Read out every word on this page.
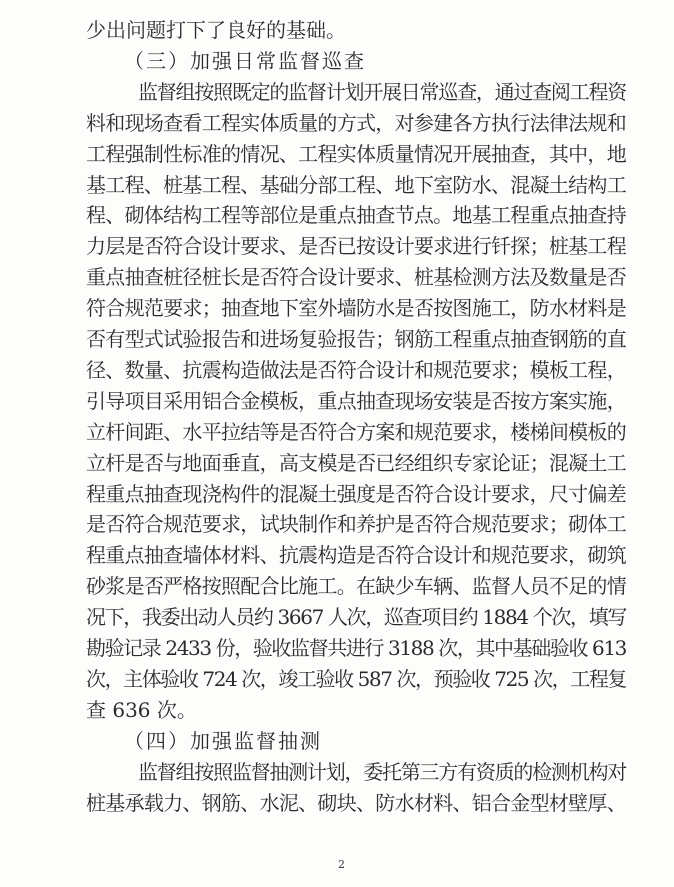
少出问题打下了良好的基础。
（三）加强日常监督巡查
监督组按照既定的监督计划开展日常巡查，通过查阅工程资
料和现场查看工程实体质量的方式，对参建各方执行法律法规和
工程强制性标准的情况、工程实体质量情况开展抽查，其中，地
基工程、桩基工程、基础分部工程、地下室防水、混凝土结构工
程、砌体结构工程等部位是重点抽查节点。地基工程重点抽查持
力层是否符合设计要求、是否已按设计要求进行钎探；桩基工程
重点抽查桩径桩长是否符合设计要求、桩基检测方法及数量是否
符合规范要求；抽查地下室外墙防水是否按图施工，防水材料是
否有型式试验报告和进场复验报告；钢筋工程重点抽查钢筋的直
径、数量、抗震构造做法是否符合设计和规范要求；模板工程，
引导项目采用铝合金模板，重点抽查现场安装是否按方案实施，
立杆间距、水平拉结等是否符合方案和规范要求，楼梯间模板的
立杆是否与地面垂直，高支模是否已经组织专家论证；混凝土工
程重点抽查现浇构件的混凝土强度是否符合设计要求，尺寸偏差
是否符合规范要求，试块制作和养护是否符合规范要求；砌体工
程重点抽查墙体材料、抗震构造是否符合设计和规范要求，砌筑
砂浆是否严格按照配合比施工。在缺少车辆、监督人员不足的情
况下，我委出动人员约 3667 人次，巡查项目约 1884 个次，填写
勘验记录 2433 份，验收监督共进行 3188 次，其中基础验收 613
次，主体验收 724 次，竣工验收 587 次，预验收 725 次，工程复
查 636 次。
（四）加强监督抽测
监督组按照监督抽测计划，委托第三方有资质的检测机构对
桩基承载力、钢筋、水泥、砌块、防水材料、铝合金型材壁厚、
2
